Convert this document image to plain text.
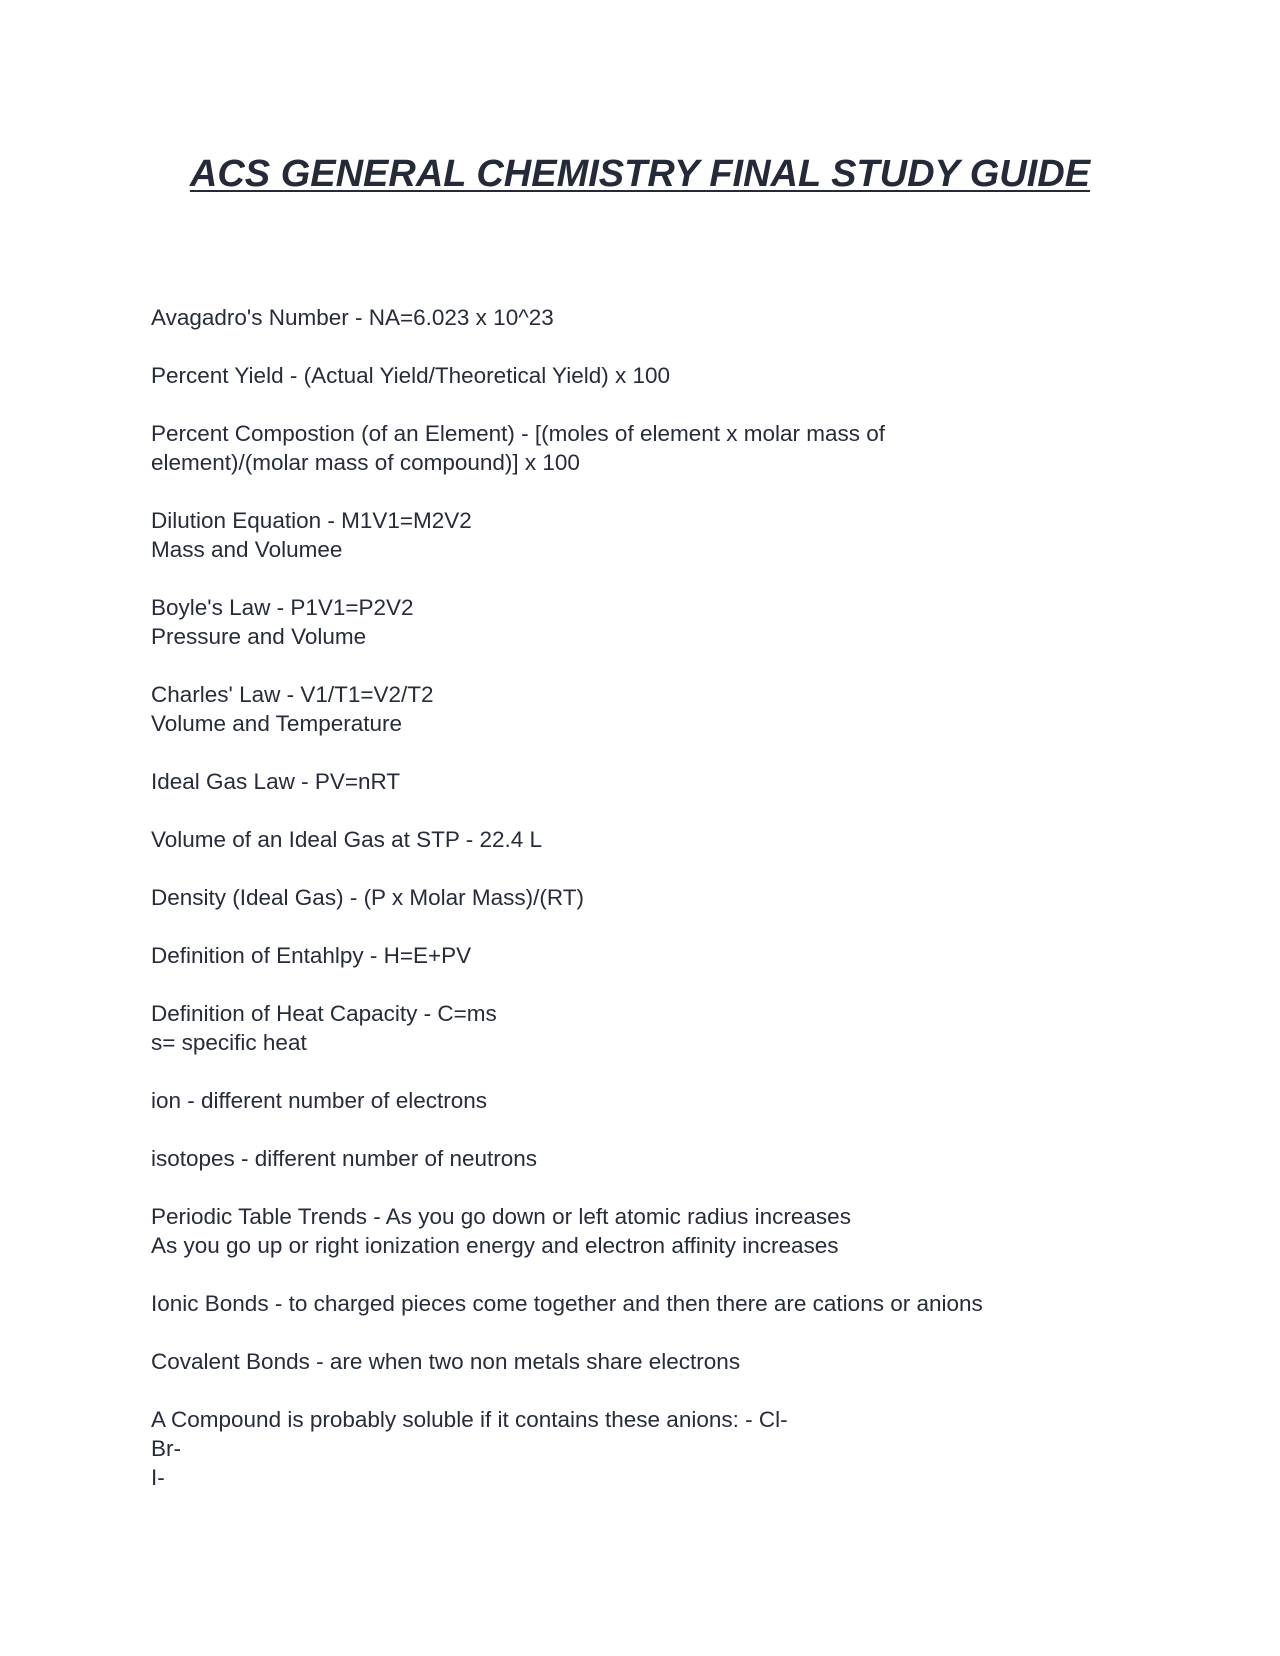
ACS GENERAL CHEMISTRY FINAL STUDY GUIDE
Avagadro's Number - NA=6.023 x 10^23
Percent Yield - (Actual Yield/Theoretical Yield) x 100
Percent Compostion (of an Element) - [(moles of element x molar mass of
element)/(molar mass of compound)] x 100
Dilution Equation - M1V1=M2V2
Mass and Volumee
Boyle's Law - P1V1=P2V2
Pressure and Volume
Charles' Law - V1/T1=V2/T2
Volume and Temperature
Ideal Gas Law - PV=nRT
Volume of an Ideal Gas at STP - 22.4 L
Density (Ideal Gas) - (P x Molar Mass)/(RT)
Definition of Entahlpy - H=E+PV
Definition of Heat Capacity - C=ms
s= specific heat
ion - different number of electrons
isotopes - different number of neutrons
Periodic Table Trends - As you go down or left atomic radius increases
As you go up or right ionization energy and electron affinity increases
Ionic Bonds - to charged pieces come together and then there are cations or anions
Covalent Bonds - are when two non metals share electrons
A Compound is probably soluble if it contains these anions: - Cl-
Br-
I-
